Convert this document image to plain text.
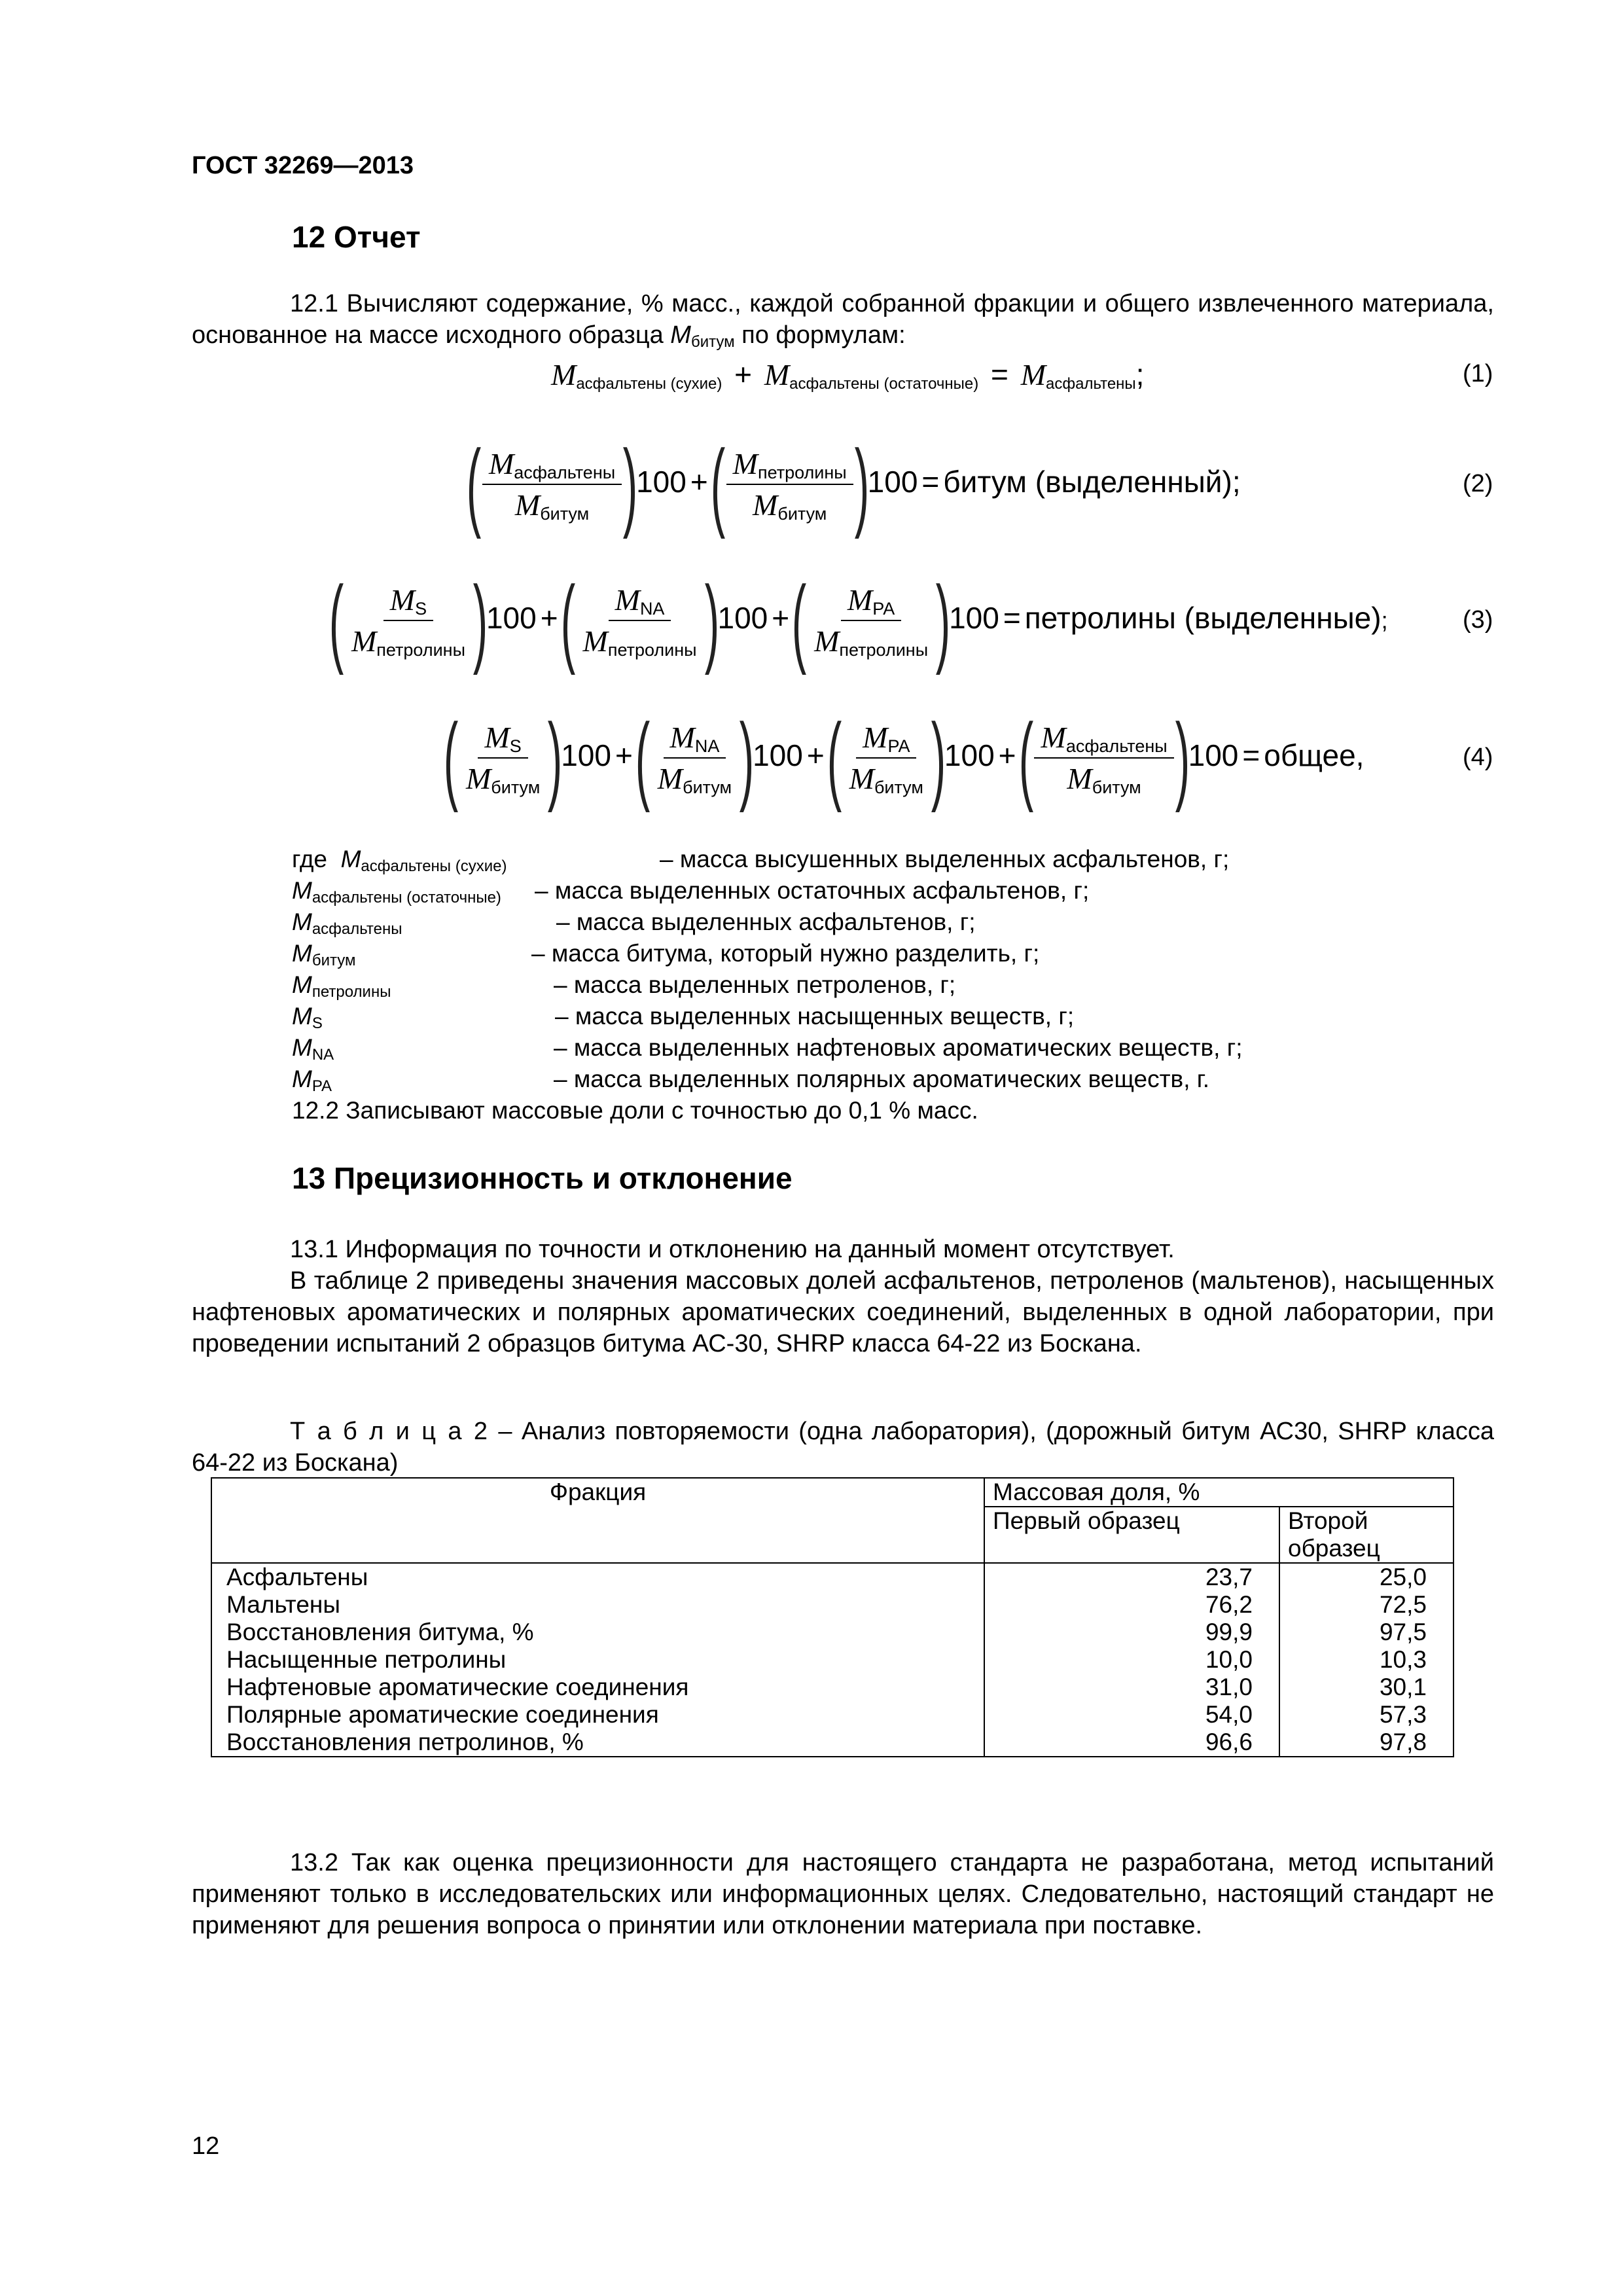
ГОСТ 32269—2013
12 Отчет

12.1 Вычисляют содержание, % масс., каждой собранной фракции и общего извлеченного материала, основанное на массе исходного образца $M_{битум}$ по формулам:

$M_{асфальтены (сухие)} + M_{асфальтены (остаточные)} = M_{асфальтены}$;	(1)
( $\frac{M_{асфальтены}}{M_{битум}} )100$ +( $\frac{M_{петролины}}{M_{битум}} )100$ = битум (выделенный);	(2)
( $\frac{M_S}{M_{петролины}} )100$ +( $\frac{M_{NA}}{M_{петролины}} )100$ +( $\frac{M_{PA}}{M_{петролины}} )100$ = петролины (выделенные);	(3)
( $\frac{M_S}{M_{битум}} )100$ +( $\frac{M_{NA}}{M_{битум}} )100$ +( $\frac{M_{PA}}{M_{битум}} )100$ +( $\frac{M_{асфальтены}}{M_{битум}} )100$ = общее,	(4)
где $M_{асфальтены (сухие)}$	– масса высушенных выделенных асфальтенов, г;
$M_{асфальтены (остаточные)}$ – масса выделенных остаточных асфальтенов, г;
$M_{асфальтены}$	– масса выделенных асфальтенов, г;
$M_{битум}$	– масса битума, который нужно разделить, г;
$M_{петролины}$	– масса выделенных петроленов, г;
$M_S$	– масса выделенных насыщенных веществ, г;
$M_{NA}$	– масса выделенных нафтеновых ароматических веществ, г;
$M_{PA}$	– масса выделенных полярных ароматических веществ, г.
12.2 Записывают массовые доли с точностью до 0,1 % масс.
13 Прецизионность и отклонение

13.1 Информация по точности и отклонению на данный момент отсутствует.

В таблице 2 приведены значения массовых долей асфальтенов, петроленов (мальтенов), насыщенных нафтеновых ароматических и полярных ароматических соединений, выделенных в одной лаборатории, при проведении испытаний 2 образцов битума АС-30, SHRP класса 64-22 из Боскана.

Т а б л и ц а 2 – Анализ повторяемости (одна лаборатория), (дорожный битум АС30, SHRP класса 64-22 из Боскана)

Фракция	Массовая доля, %	
	Первый образец	Второй образец
Асфальтены	23,7	25,0
Мальтены	76,2	72,5
Восстановления битума, %	99,9	97,5
Насыщенные петролины	10,0	10,3
Нафтеновые ароматические соединения	31,0	30,1
Полярные ароматические соединения	54,0	57,3
Восстановления петролинов, %	96,6	97,8

13.2 Так как оценка прецизионности для настоящего стандарта не разработана, метод испытаний применяют только в исследовательских или информационных целях. Следовательно, настоящий стандарт не применяют для решения вопроса о принятии или отклонении материала при поставке.

12
